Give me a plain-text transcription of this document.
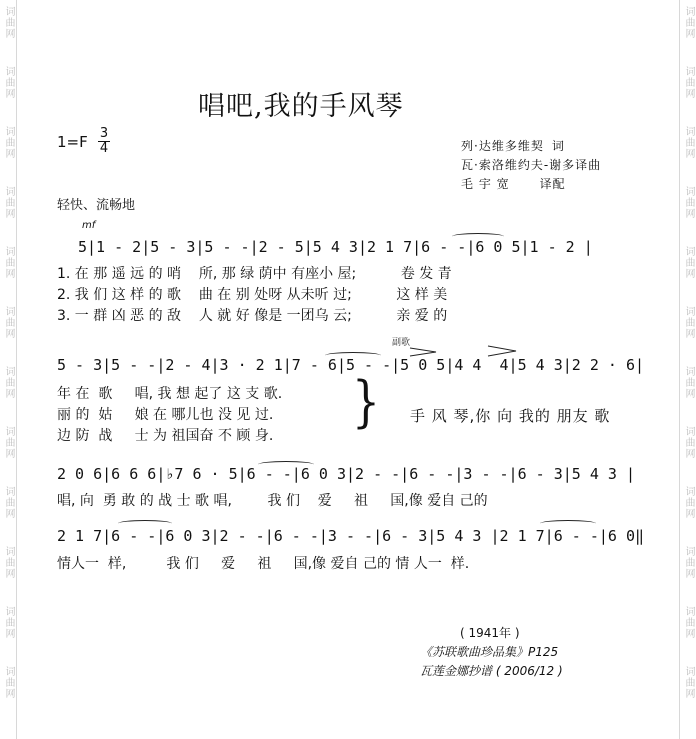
词曲网
词曲网
词曲网
词曲网
词曲网
词曲网
词曲网
词曲网
词曲网
词曲网
词曲网
词曲网
词曲网
词曲网
词曲网
词曲网
词曲网
词曲网
词曲网
词曲网
词曲网
词曲网
词曲网
词曲网
唱吧,我的手风琴
1=F 3
4	列·达维多维契 词
瓦·索洛维约夫-谢多译曲
毛 宇 宽	译配
轻快、流畅地
mf
5|1 - 2|5 - 3|5 - -|2 - 5|5 4 3|2 1 7|6 - -|6 0 5|1 - 2 |
1. 在 那 遥 远 的 哨    所, 那 绿 荫中 有座小 屋;          卷 发 青
2. 我 们 这 样 的 歌    曲 在 别 处呀 从未听 过;          这 样 美
3. 一 群 凶 恶 的 敌    人 就 好 像是 一团乌 云;          亲 爱 的
副歌
5 - 3|5 - -|2 - 4|3 · 2 1|7 - 6|5 - -|5 0 5|4 4  4|5 4 3|2 2 · 6|
年 在  歌     唱, 我 想 起了 这 支 歌.
丽 的  姑     娘 在 哪儿也 没 见 过.
边 防  战     士 为 祖国奋 不 顾 身.
} 手 风 琴,你 向 我的 朋友 歌
2 0 6|6 6 6|♭7 6 · 5|6 - -|6 0 3|2 - -|6 - -|3 - -|6 - 3|5 4 3 |
唱, 向  勇 敢 的 战 士 歌 唱,        我 们    爱     祖     国,像 爱自 己的
2 1 7|6 - -|6 0 3|2 - -|6 - -|3 - -|6 - 3|5 4 3 |2 1 7|6 - -|6 0‖
情人一  样,         我 们     爱     祖     国,像 爱自 己的 情 人一  样.
( 1941年 )
《苏联歌曲珍品集》P125
瓦莲金娜抄谱 ( 2006/12 )
